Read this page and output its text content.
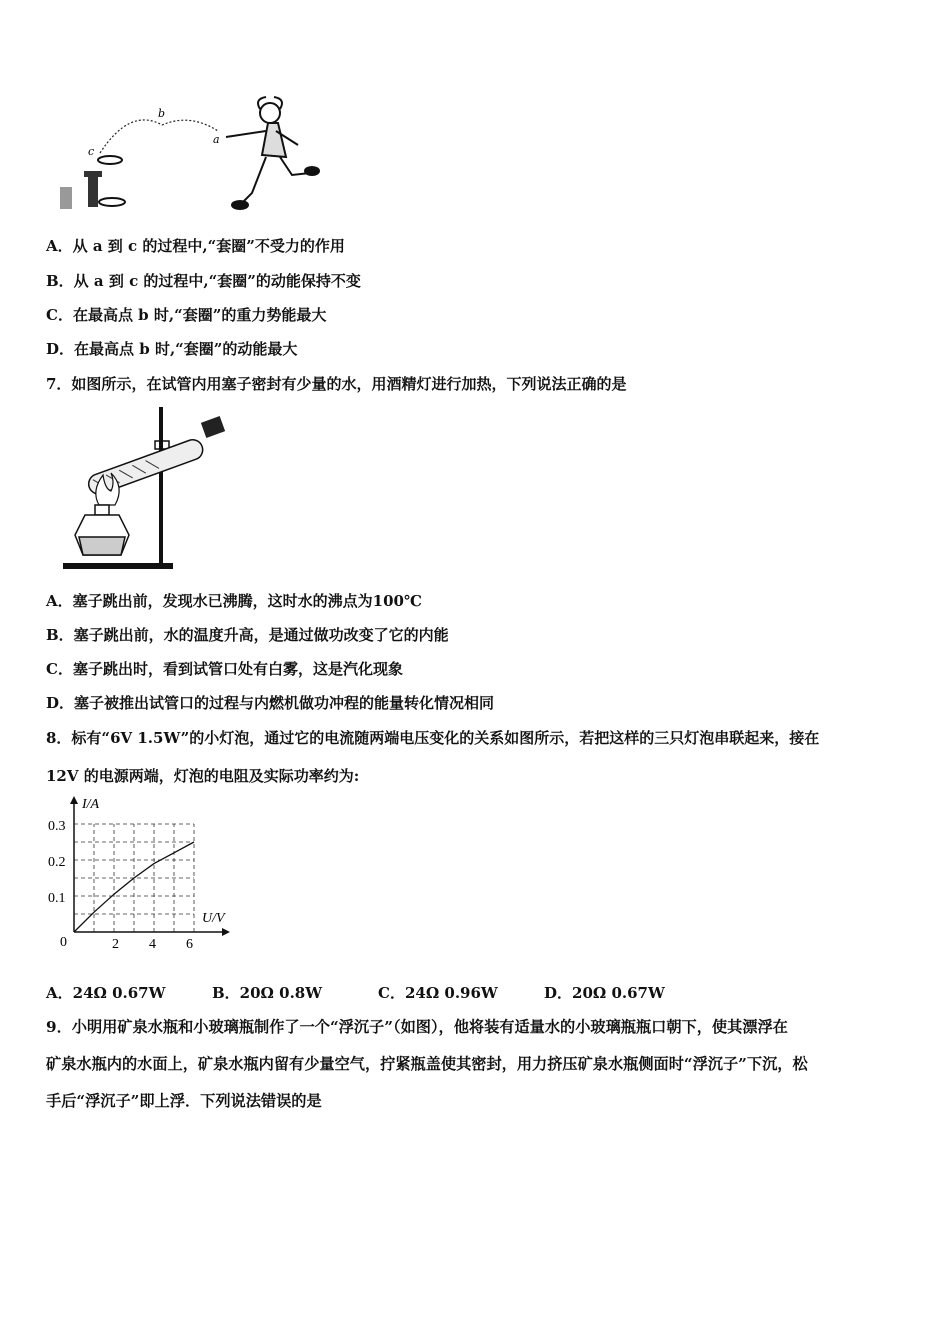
b
a
c
A．从 a 到 c 的过程中,“套圈”不受力的作用
B．从 a 到 c 的过程中,“套圈”的动能保持不变
C．在最高点 b 时,“套圈”的重力势能最大
D．在最高点 b 时,“套圈”的动能最大
7．如图所示，在试管内用塞子密封有少量的水，用酒精灯进行加热，下列说法正确的是
A．塞子跳出前，发现水已沸腾，这时水的沸点为100℃
B．塞子跳出前，水的温度升高，是通过做功改变了它的内能
C．塞子跳出时，看到试管口处有白雾，这是汽化现象
D．塞子被推出试管口的过程与内燃机做功冲程的能量转化情况相同
8．标有“6V 1.5W”的小灯泡，通过它的电流随两端电压变化的关系如图所示，若把这样的三只灯泡串联起来，接在
12V 的电源两端，灯泡的电阻及实际功率约为:
I/A
U/V
0	2 4 6
0.1
0.2
0.3
A．24Ω 0.67W	B．20Ω 0.8W	C．24Ω 0.96W	D．20Ω 0.67W
9．小明用矿泉水瓶和小玻璃瓶制作了一个“浮沉子”（如图），他将装有适量水的小玻璃瓶瓶口朝下，使其漂浮在
矿泉水瓶内的水面上，矿泉水瓶内留有少量空气，拧紧瓶盖使其密封，用力挤压矿泉水瓶侧面时“浮沉子”下沉，松
手后“浮沉子”即上浮．下列说法错误的是
